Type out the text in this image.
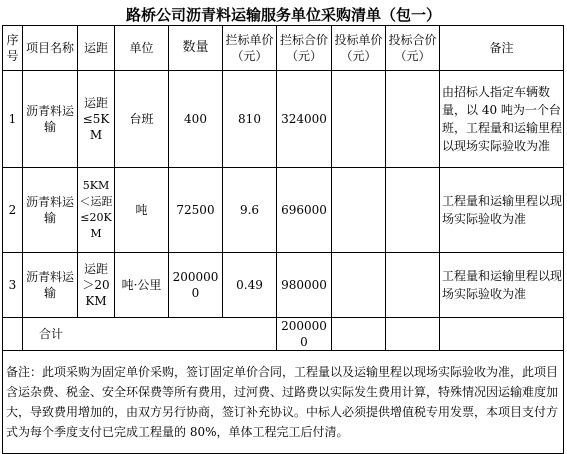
路桥公司沥青料运输服务单位采购清单（包一）
序号	项目名称	运距	单位	数量	拦标单价（元）	拦标合价（元）	投标单价（元）	投标合价（元）	备注
1	沥青料运输	运距≤5KM	台班	400	810	324000			由招标人指定车辆数量，以 40 吨为一个台班，工程量和运输里程以现场实际验收为准
2	沥青料运输	5KM＜运距≤20KM	吨	72500	9.6	696000			工程量和运输里程以现场实际验收为准
3	沥青料运输	运距＞20KM	吨·公里	2000000	0.49	980000			工程量和运输里程以现场实际验收为准
	合计					2000000			
备注：此项采购为固定单价采购，签订固定单价合同，工程量以及运输里程以现场实际验收为准，此项目含运杂费、税金、安全环保费等所有费用，过河费、过路费以实际发生费用计算，特殊情况因运输难度加大，导致费用增加的，由双方另行协商，签订补充协议。中标人必须提供增值税专用发票，本项目支付方式为每个季度支付已完成工程量的 80%，单体工程完工后付清。									
